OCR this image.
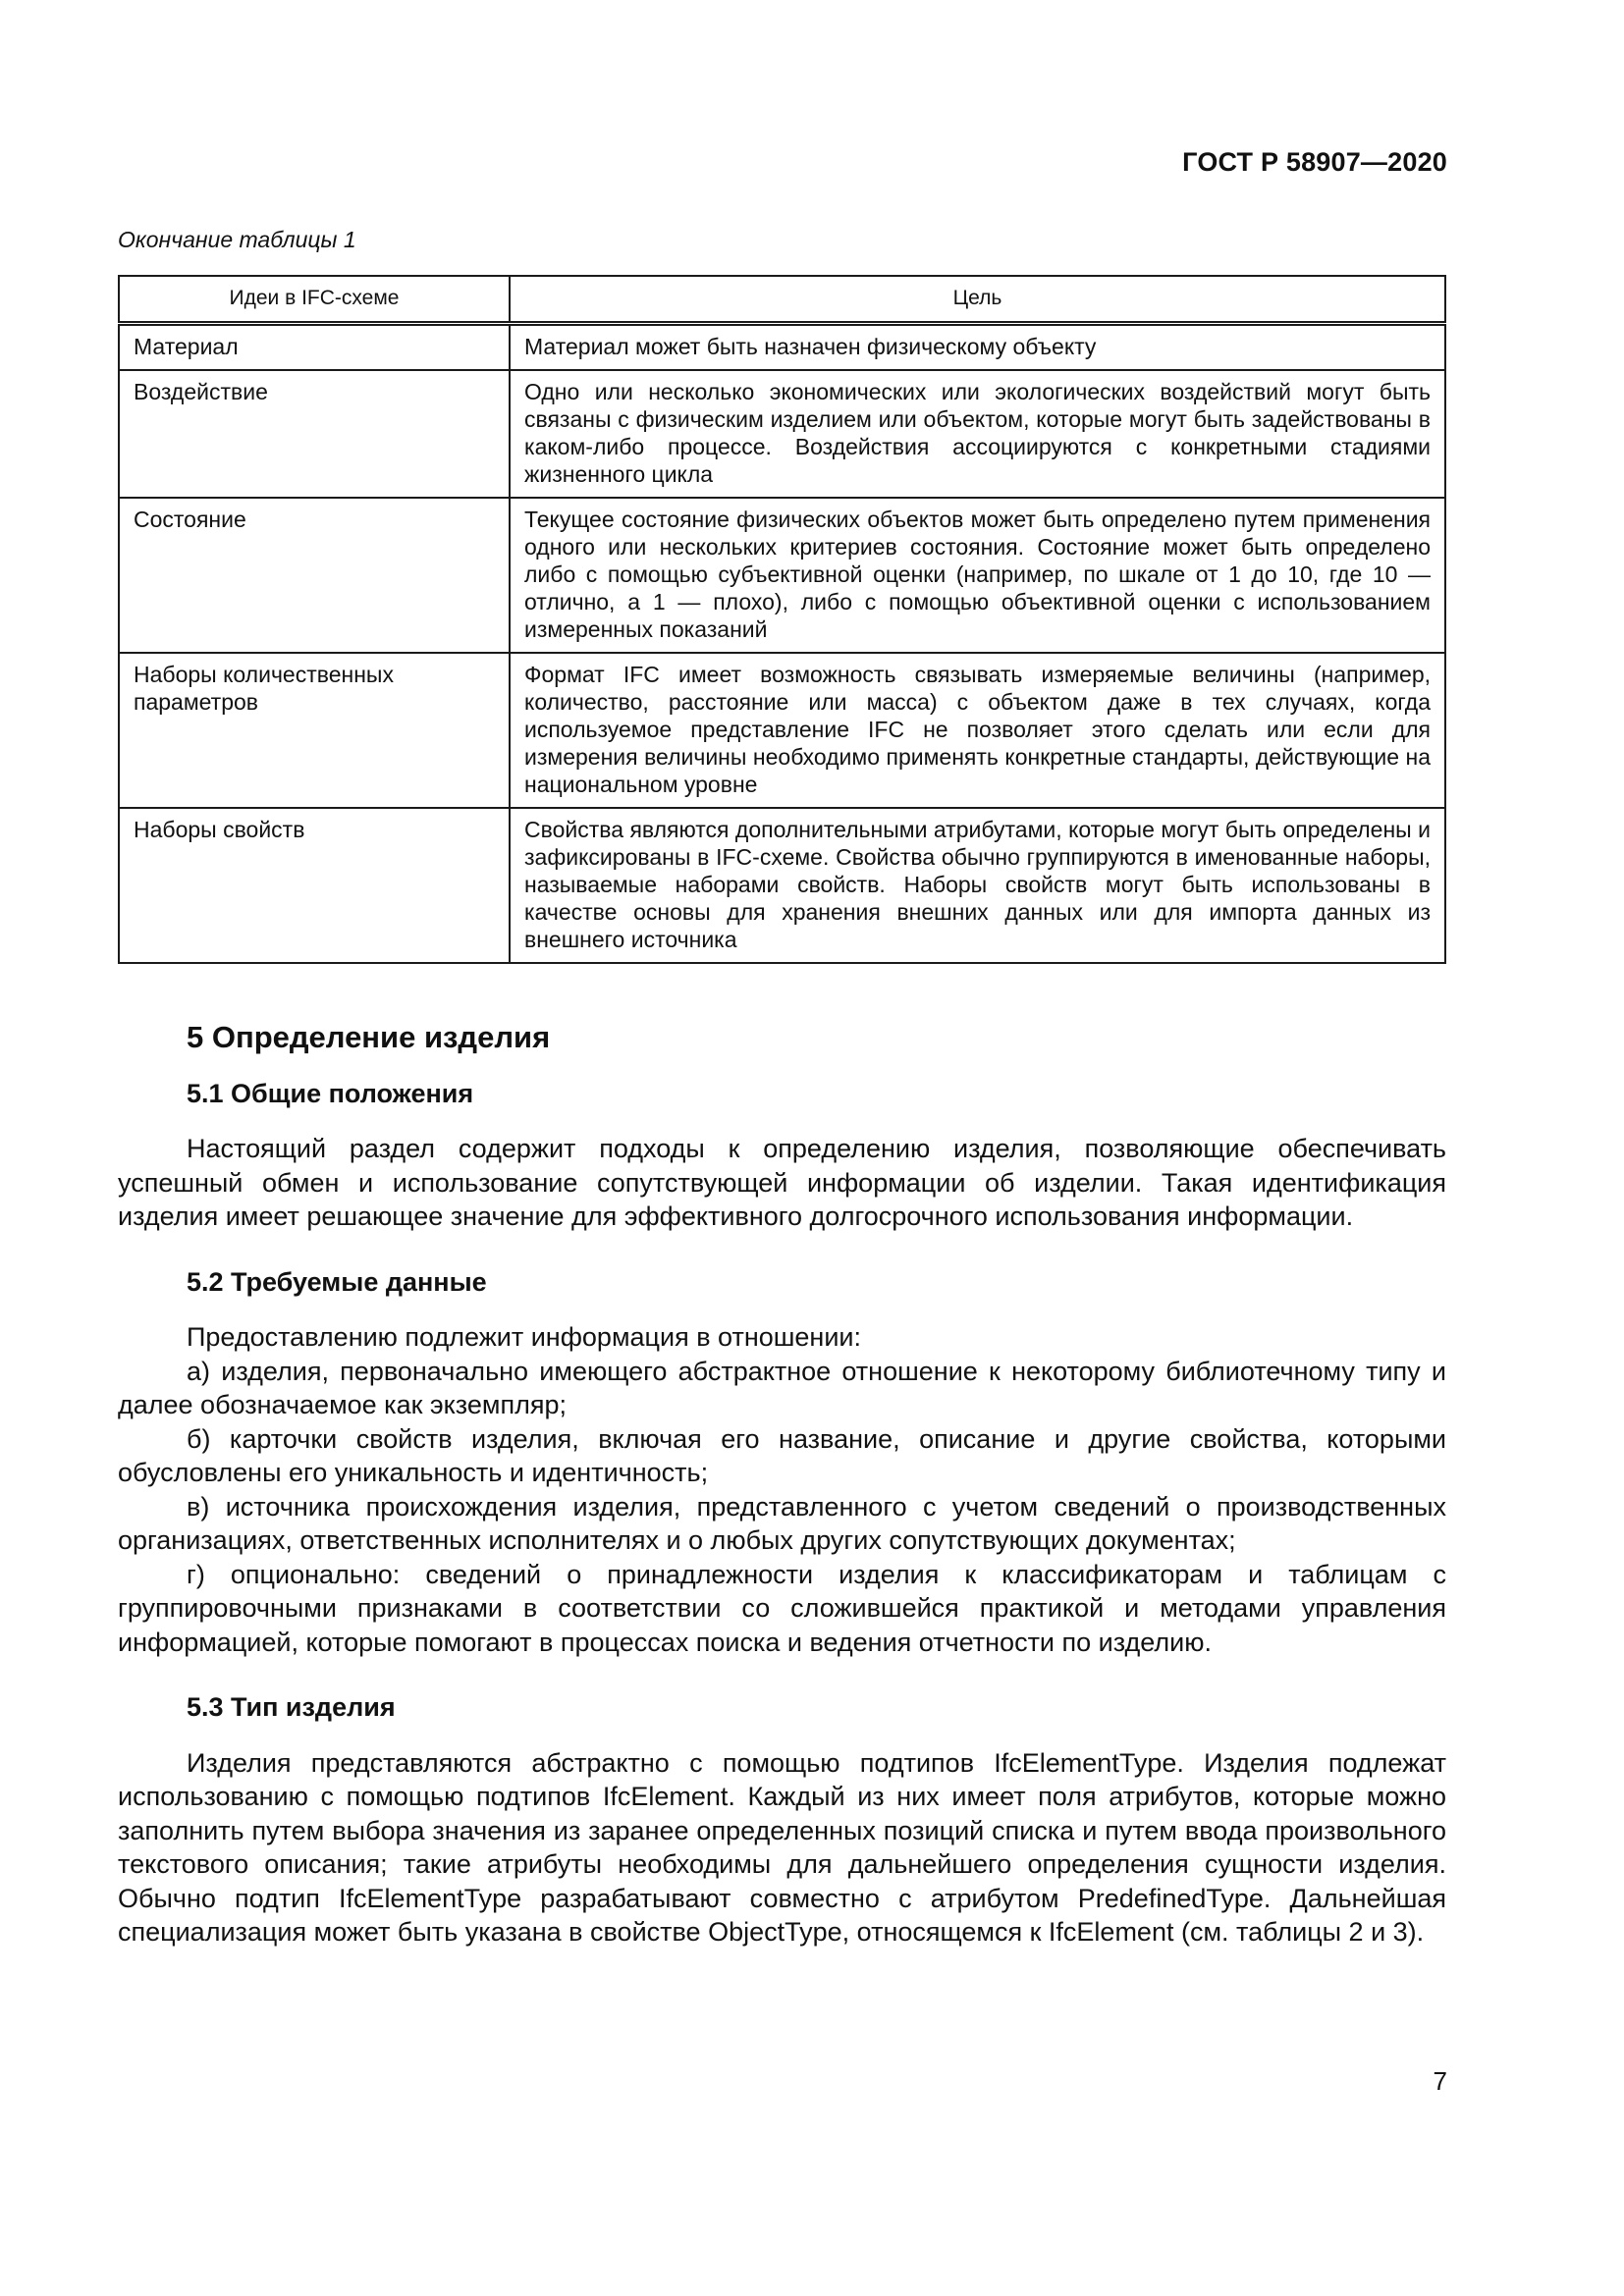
ГОСТ Р 58907—2020
Окончание таблицы 1
Идеи в IFC-схеме	Цель
Материал	Материал может быть назначен физическому объекту
Воздействие	Одно или несколько экономических или экологических воздействий могут быть связаны с физическим изделием или объектом, которые могут быть задействованы в каком-либо процессе. Воздействия ассоциируются с конкретными стадиями жизненного цикла
Состояние	Текущее состояние физических объектов может быть определено путем применения одного или нескольких критериев состояния. Состояние может быть определено либо с помощью субъективной оценки (например, по шкале от 1 до 10, где 10 — отлично, а 1 — плохо), либо с помощью объективной оценки с использованием измеренных показаний
Наборы количественных параметров	Формат IFC имеет возможность связывать измеряемые величины (например, количество, расстояние или масса) с объектом даже в тех случаях, когда используемое представление IFC не позволяет этого сделать или если для измерения величины необходимо применять конкретные стандарты, действующие на национальном уровне
Наборы свойств	Свойства являются дополнительными атрибутами, которые могут быть определены и зафиксированы в IFC-схеме. Свойства обычно группируются в именованные наборы, называемые наборами свойств. Наборы свойств могут быть использованы в качестве основы для хранения внешних данных или для импорта данных из внешнего источника
5 Определение изделия
5.1 Общие положения

Настоящий раздел содержит подходы к определению изделия, позволяющие обеспечивать успешный обмен и использование сопутствующей информации об изделии. Такая идентификация изделия имеет решающее значение для эффективного долгосрочного использования информации.

5.2 Требуемые данные

Предоставлению подлежит информация в отношении:

а) изделия, первоначально имеющего абстрактное отношение к некоторому библиотечному типу и далее обозначаемое как экземпляр;

б) карточки свойств изделия, включая его название, описание и другие свойства, которыми обусловлены его уникальность и идентичность;

в) источника происхождения изделия, представленного с учетом сведений о производственных организациях, ответственных исполнителях и о любых других сопутствующих документах;

г) опционально: сведений о принадлежности изделия к классификаторам и таблицам с группировочными признаками в соответствии со сложившейся практикой и методами управления информацией, которые помогают в процессах поиска и ведения отчетности по изделию.

5.3 Тип изделия

Изделия представляются абстрактно с помощью подтипов IfcElementType. Изделия подлежат использованию с помощью подтипов IfcElement. Каждый из них имеет поля атрибутов, которые можно заполнить путем выбора значения из заранее определенных позиций списка и путем ввода произвольного текстового описания; такие атрибуты необходимы для дальнейшего определения сущности изделия. Обычно подтип IfcElementType разрабатывают совместно с атрибутом PredefinedType. Дальнейшая специализация может быть указана в свойстве ObjectType, относящемся к IfcElement (см. таблицы 2 и 3).

7
